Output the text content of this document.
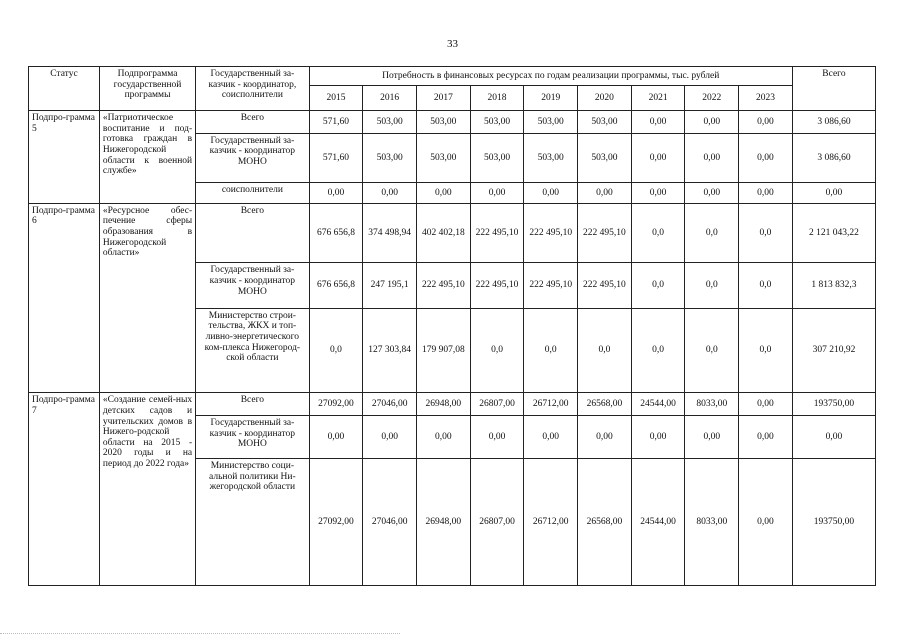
33
Статус	Подпрограмма государственной программы	Государственный за-казчик - координатор, соисполнители	Потребность в финансовых ресурсах по годам реализации программы, тыс. рублей									Всего
			2015	2016	2017	2018	2019	2020	2021	2022	2023	
Подпро-грамма 5	«Патриотическое воспитание и под-готовка граждан в Нижегородской области к военной службе»	Всего	571,60	503,00	503,00	503,00	503,00	503,00	0,00	0,00	0,00	3 086,60
		Государственный за-казчик - координатор МОНО	571,60	503,00	503,00	503,00	503,00	503,00	0,00	0,00	0,00	3 086,60
		соисполнители	0,00	0,00	0,00	0,00	0,00	0,00	0,00	0,00	0,00	0,00
Подпро-грамма 6	«Ресурсное обес-печение сферы образования в Нижегородской области»	Всего	676 656,8	374 498,94	402 402,18	222 495,10	222 495,10	222 495,10	0,0	0,0	0,0	2 121 043,22
		Государственный за-казчик - координатор МОНО	676 656,8	247 195,1	222 495,10	222 495,10	222 495,10	222 495,10	0,0	0,0	0,0	1 813 832,3
		Министерство строи-тельства, ЖКХ и топ-ливно-энергетического ком-плекса Нижегород-ской области	0,0	127 303,84	179 907,08	0,0	0,0	0,0	0,0	0,0	0,0	307 210,92
Подпро-грамма 7	«Создание семей-ных детских садов и учительских домов в Нижего-родской области на 2015 - 2020 годы и на период до 2022 года»	Всего	27092,00	27046,00	26948,00	26807,00	26712,00	26568,00	24544,00	8033,00	0,00	193750,00
		Государственный за-казчик - координатор МОНО	0,00	0,00	0,00	0,00	0,00	0,00	0,00	0,00	0,00	0,00
		Министерство соци-альной политики Ни-жегородской области	27092,00	27046,00	26948,00	26807,00	26712,00	26568,00	24544,00	8033,00	0,00	193750,00
